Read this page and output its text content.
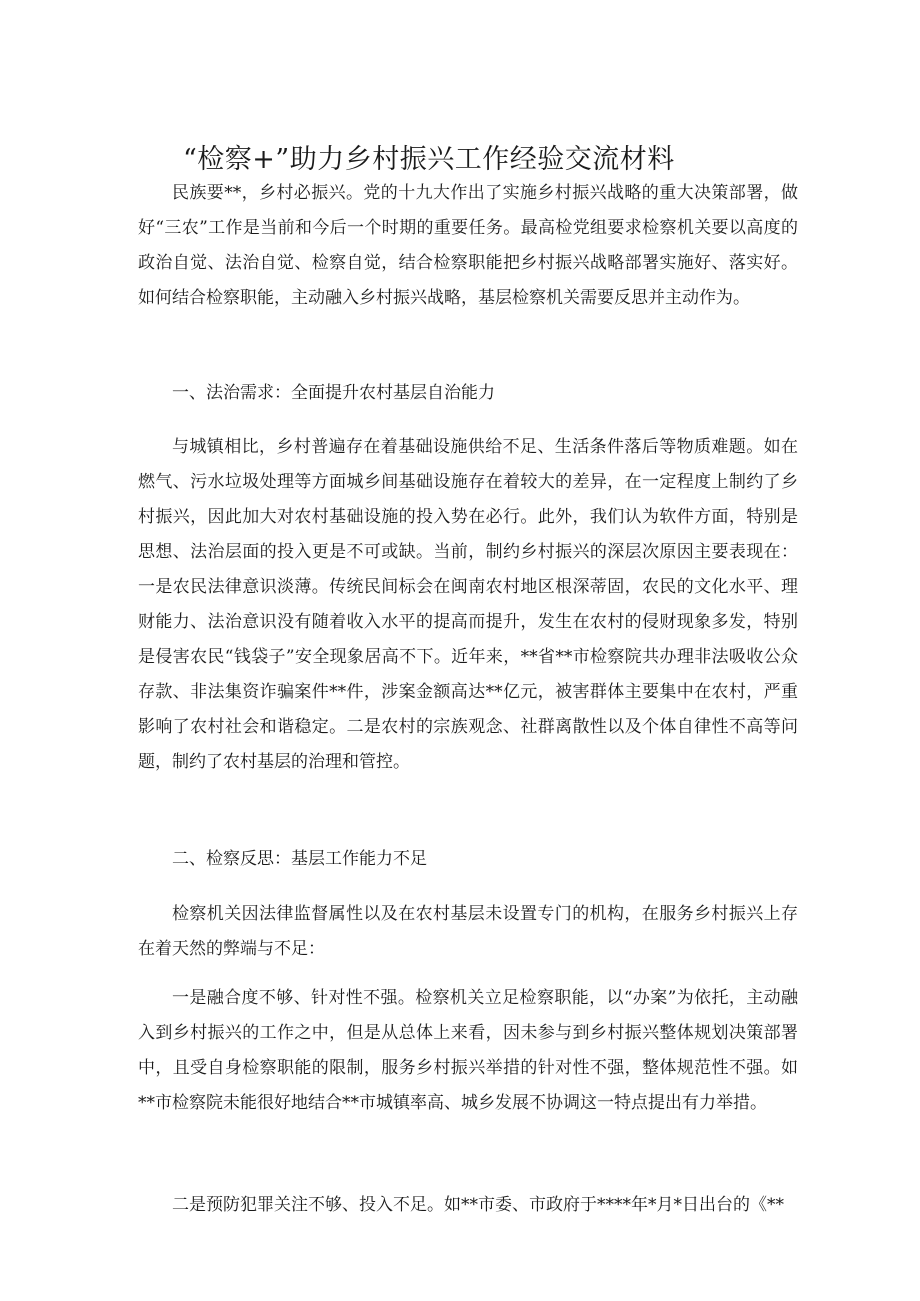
“检察+”助力乡村振兴工作经验交流材料

民族要**，乡村必振兴。党的十九大作出了实施乡村振兴战略的重大决策部署，做好“三农”工作是当前和今后一个时期的重要任务。最高检党组要求检察机关要以高度的政治自觉、法治自觉、检察自觉，结合检察职能把乡村振兴战略部署实施好、落实好。如何结合检察职能，主动融入乡村振兴战略，基层检察机关需要反思并主动作为。

一、法治需求：全面提升农村基层自治能力

与城镇相比，乡村普遍存在着基础设施供给不足、生活条件落后等物质难题。如在燃气、污水垃圾处理等方面城乡间基础设施存在着较大的差异，在一定程度上制约了乡村振兴，因此加大对农村基础设施的投入势在必行。此外，我们认为软件方面，特别是思想、法治层面的投入更是不可或缺。当前，制约乡村振兴的深层次原因主要表现在：一是农民法律意识淡薄。传统民间标会在闽南农村地区根深蒂固，农民的文化水平、理财能力、法治意识没有随着收入水平的提高而提升，发生在农村的侵财现象多发，特别是侵害农民“钱袋子”安全现象居高不下。近年来，**省**市检察院共办理非法吸收公众存款、非法集资诈骗案件**件，涉案金额高达**亿元，被害群体主要集中在农村，严重影响了农村社会和谐稳定。二是农村的宗族观念、社群离散性以及个体自律性不高等问题，制约了农村基层的治理和管控。

二、检察反思：基层工作能力不足

检察机关因法律监督属性以及在农村基层未设置专门的机构，在服务乡村振兴上存在着天然的弊端与不足：

一是融合度不够、针对性不强。检察机关立足检察职能，以“办案”为依托，主动融入到乡村振兴的工作之中，但是从总体上来看，因未参与到乡村振兴整体规划决策部署中，且受自身检察职能的限制，服务乡村振兴举措的针对性不强，整体规范性不强。如**市检察院未能很好地结合**市城镇率高、城乡发展不协调这一特点提出有力举措。

二是预防犯罪关注不够、投入不足。如**市委、市政府于****年*月*日出台的《**
